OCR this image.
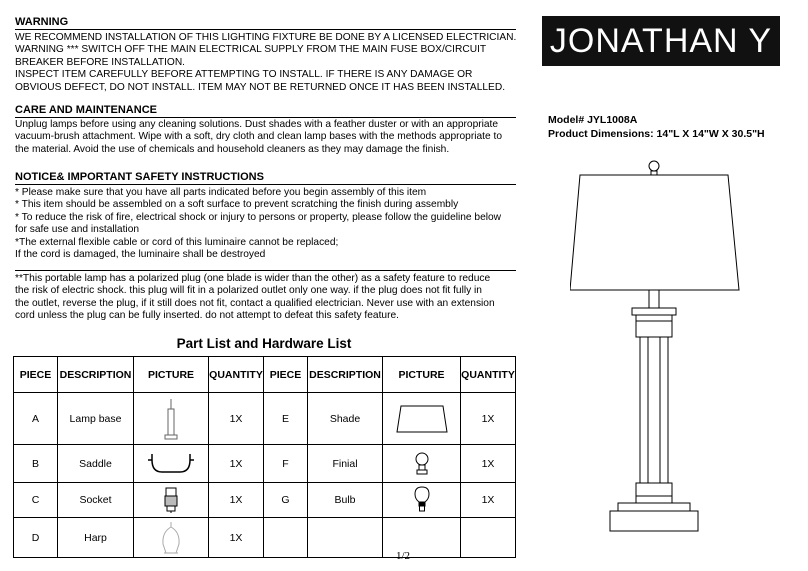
WARNING
WE RECOMMEND INSTALLATION OF THIS LIGHTING FIXTURE BE DONE BY A LICENSED ELECTRICIAN.
WARNING *** SWITCH OFF THE MAIN ELECTRICAL SUPPLY FROM THE MAIN FUSE BOX/CIRCUIT
BREAKER BEFORE INSTALLATION.
INSPECT ITEM CAREFULLY BEFORE ATTEMPTING TO INSTALL. IF THERE IS ANY DAMAGE OR
OBVIOUS DEFECT, DO NOT INSTALL. ITEM MAY NOT BE RETURNED ONCE IT HAS BEEN INSTALLED.
CARE AND MAINTENANCE
Unplug lamps before using any cleaning solutions. Dust shades with a feather duster or with an appropriate
vacuum-brush attachment. Wipe with a soft, dry cloth and clean lamp bases with the methods appropriate to
the material. Avoid the use of chemicals and household cleaners as they may damage the finish.
NOTICE& IMPORTANT SAFETY INSTRUCTIONS
* Please make sure that you have all parts indicated before you begin assembly of this item
* This item should be assembled on a soft surface to prevent scratching the finish during assembly
* To reduce the risk of fire, electrical shock or injury to persons or property, please follow the guideline below
for safe use and installation
*The external flexible cable or cord of this luminaire cannot be replaced;
If the cord is damaged, the luminaire shall be destroyed
**This portable lamp has a polarized plug (one blade is wider than the other) as a safety feature to reduce
the risk of electric shock. this plug will fit in a polarized outlet only one way. if the plug does not fit fully in
the outlet, reverse the plug, if it still does not fit, contact a qualified electrician. Never use with an extension
cord unless the plug can be fully inserted. do not attempt to defeat this safety feature.
JONATHAN Y
Model# JYL1008A
Product Dimensions: 14"L X 14"W X 30.5"H
Part List and Hardware List
PIECE	DESCRIPTION	PICTURE	QUANTITY	PIECE	DESCRIPTION	PICTURE	QUANTITY
A	Lamp base		1X	E	Shade		1X
B	Saddle		1X	F	Finial		1X
C	Socket		1X	G	Bulb		1X
D	Harp		1X				
1/2
